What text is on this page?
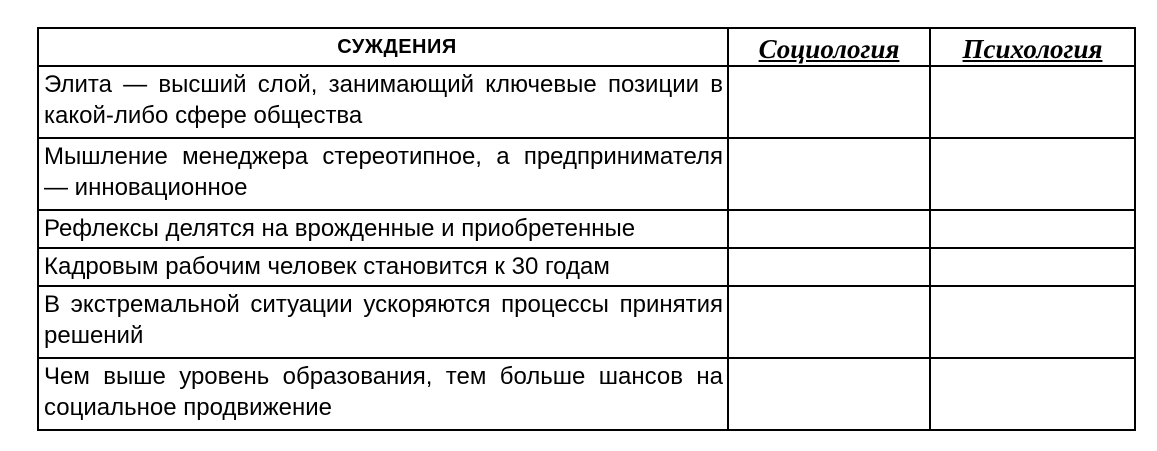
СУЖДЕНИЯ	Социология	Психология
Элита — высший слой, занимающий ключевые позиции в какой-либо сфере общества		
Мышление менеджера стереотипное, а предпринимателя — инновационное		
Рефлексы делятся на врожденные и приобретенные		
Кадровым рабочим человек становится к 30 годам		
В экстремальной ситуации ускоряются процессы принятия решений		
Чем выше уровень образования, тем больше шансов на социальное продвижение		
